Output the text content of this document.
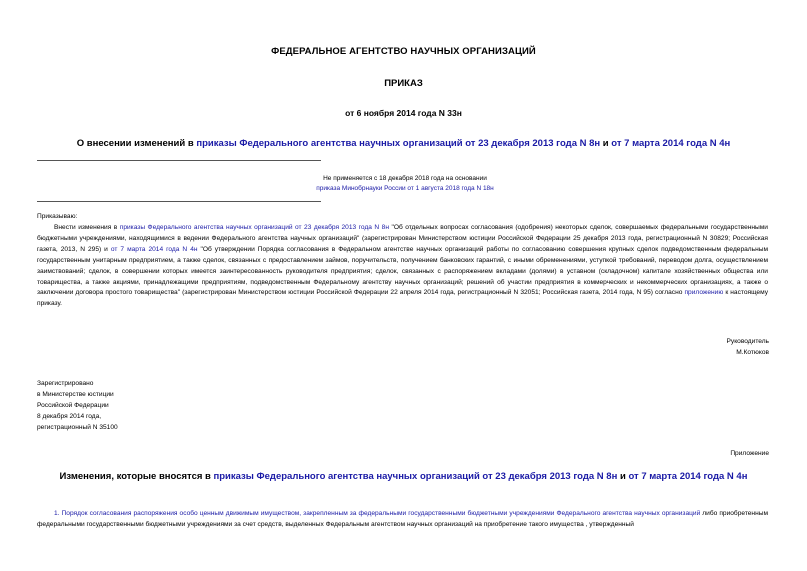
ФЕДЕРАЛЬНОЕ АГЕНТСТВО НАУЧНЫХ ОРГАНИЗАЦИЙ
ПРИКАЗ
от 6 ноября 2014 года N 33н
О внесении изменений в приказы Федерального агентства научных организаций от 23 декабря 2013 года N 8н и от 7 марта 2014 года N 4н
Не применяется с 18 декабря 2018 года на основании
приказа Минобрнауки России от 1 августа 2018 года N 18н
Приказываю:
Внести изменения в приказы Федерального агентства научных организаций от 23 декабря 2013 года N 8н "Об отдельных вопросах согласования (одобрения) некоторых сделок, совершаемых федеральными государственными бюджетными учреждениями, находящимися в ведении Федерального агентства научных организаций" (зарегистрирован Министерством юстиции Российской Федерации 25 декабря 2013 года, регистрационный N 30829; Российская газета, 2013, N 295) и от 7 марта 2014 года N 4н "Об утверждении Порядка согласования в Федеральном агентстве научных организаций работы по согласованию совершения крупных сделок подведомственным федеральным государственным унитарным предприятием, а также сделок, связанных с предоставлением займов, поручительств, получением банковских гарантий, с иными обременениями, уступкой требований, переводом долга, осуществлением заимствований; сделок, в совершении которых имеется заинтересованность руководителя предприятия; сделок, связанных с распоряжением вкладами (долями) в уставном (складочном) капитале хозяйственных общества или товарищества, а также акциями, принадлежащими предприятиям, подведомственным Федеральному агентству научных организаций; решений об участии предприятия в коммерческих и некоммерческих организациях, а также о заключении договора простого товарищества" (зарегистрирован Министерством юстиции Российской Федерации 22 апреля 2014 года, регистрационный N 32051; Российская газета, 2014 года, N 95) согласно приложению к настоящему приказу.
Руководитель
М.Котюков
Зарегистрировано
в Министерстве юстиции
Российской Федерации
8 декабря 2014 года,
регистрационный N 35100
Приложение
Изменения, которые вносятся в приказы Федерального агентства научных организаций от 23 декабря 2013 года N 8н и от 7 марта 2014 года N 4н
1. Порядок согласования распоряжения особо ценным движимым имуществом, закрепленным за федеральными государственными бюджетными учреждениями Федерального агентства научных организаций либо приобретенным федеральными государственными бюджетными учреждениями за счет средств, выделенных Федеральным агентством научных организаций на приобретение такого имущества , утвержденный
